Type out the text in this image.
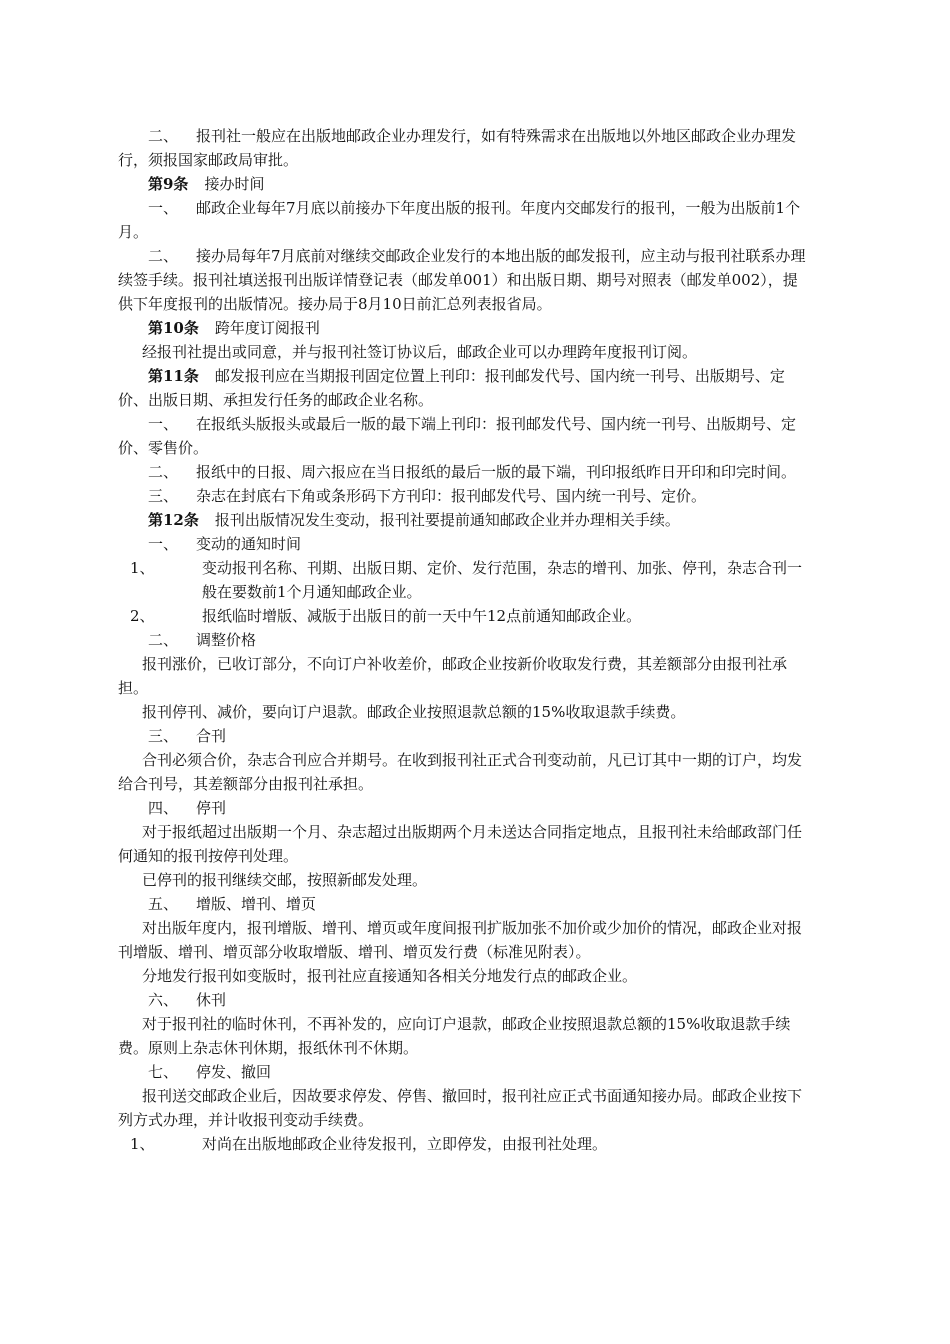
二、 报刊社一般应在出版地邮政企业办理发行，如有特殊需求在出版地以外地区邮政企业办理发行，须报国家邮政局审批。

第9条 接办时间

一、 邮政企业每年7月底以前接办下年度出版的报刊。年度内交邮发行的报刊，一般为出版前1个月。

二、 接办局每年7月底前对继续交邮政企业发行的本地出版的邮发报刊，应主动与报刊社联系办理续签手续。报刊社填送报刊出版详情登记表（邮发单001）和出版日期、期号对照表（邮发单002），提供下年度报刊的出版情况。接办局于8月10日前汇总列表报省局。

第10条 跨年度订阅报刊

经报刊社提出或同意，并与报刊社签订协议后，邮政企业可以办理跨年度报刊订阅。

第11条 邮发报刊应在当期报刊固定位置上刊印：报刊邮发代号、国内统一刊号、出版期号、定价、出版日期、承担发行任务的邮政企业名称。

一、 在报纸头版报头或最后一版的最下端上刊印：报刊邮发代号、国内统一刊号、出版期号、定价、零售价。

二、 报纸中的日报、周六报应在当日报纸的最后一版的最下端，刊印报纸昨日开印和印完时间。

三、 杂志在封底右下角或条形码下方刊印：报刊邮发代号、国内统一刊号、定价。

第12条 报刊出版情况发生变动，报刊社要提前通知邮政企业并办理相关手续。

一、 变动的通知时间

1、	变动报刊名称、刊期、出版日期、定价、发行范围，杂志的增刊、加张、停刊，杂志合刊一般在要数前1个月通知邮政企业。

2、	报纸临时增版、减版于出版日的前一天中午12点前通知邮政企业。

二、 调整价格

报刊涨价，已收订部分，不向订户补收差价，邮政企业按新价收取发行费，其差额部分由报刊社承担。

报刊停刊、减价，要向订户退款。邮政企业按照退款总额的15%收取退款手续费。

三、 合刊

合刊必须合价，杂志合刊应合并期号。在收到报刊社正式合刊变动前，凡已订其中一期的订户，均发给合刊号，其差额部分由报刊社承担。

四、 停刊

对于报纸超过出版期一个月、杂志超过出版期两个月未送达合同指定地点，且报刊社未给邮政部门任何通知的报刊按停刊处理。

已停刊的报刊继续交邮，按照新邮发处理。

五、 增版、增刊、增页

对出版年度内，报刊增版、增刊、增页或年度间报刊扩版加张不加价或少加价的情况，邮政企业对报刊增版、增刊、增页部分收取增版、增刊、增页发行费（标准见附表）。

分地发行报刊如变版时，报刊社应直接通知各相关分地发行点的邮政企业。

六、 休刊

对于报刊社的临时休刊，不再补发的，应向订户退款，邮政企业按照退款总额的15%收取退款手续费。原则上杂志休刊休期，报纸休刊不休期。

七、 停发、撤回

报刊送交邮政企业后，因故要求停发、停售、撤回时，报刊社应正式书面通知接办局。邮政企业按下列方式办理，并计收报刊变动手续费。

1、	对尚在出版地邮政企业待发报刊，立即停发，由报刊社处理。
